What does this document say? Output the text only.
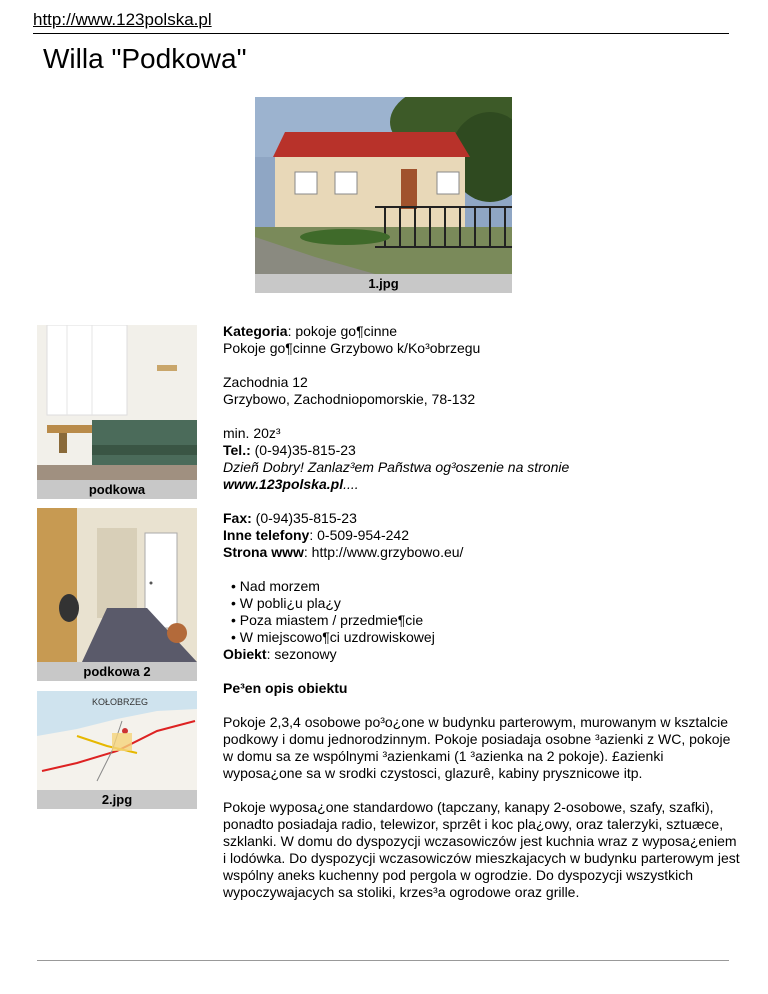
http://www.123polska.pl
Willa "Podkowa"
1.jpg
podkowa
podkowa 2
KOŁOBRZEG
2.jpg

Kategoria: pokoje go¶cinne

Pokoje go¶cinne Grzybowo k/Ko³obrzegu

Zachodnia 12

Grzybowo, Zachodniopomorskie, 78-132

min. 20z³

Tel.: (0-94)35-815-23

Dzieñ Dobry! Zanlaz³em Pañstwa og³oszenie na stronie
www.123polska.pl....

Fax: (0-94)35-815-23

Inne telefony: 0-509-954-242

Strona www: http://www.grzybowo.eu/

• Nad morzem

• W pobli¿u pla¿y

• Poza miastem / przedmie¶cie

• W miejscowo¶ci uzdrowiskowej

Obiekt: sezonowy

Pe³en opis obiektu

Pokoje 2,3,4 osobowe po³o¿one w budynku parterowym, murowanym w ksztalcie podkowy i domu jednorodzinnym. Pokoje posiadaja osobne ³azienki z WC, pokoje w domu sa ze wspólnymi ³azienkami (1 ³azienka na 2 pokoje). £azienki wyposa¿one sa w srodki czystosci, glazurê, kabiny prysznicowe itp.

Pokoje wyposa¿one standardowo (tapczany, kanapy 2-osobowe, szafy, szafki), ponadto posiadaja radio, telewizor, sprzêt i koc pla¿owy, oraz talerzyki, sztuæce, szklanki. W domu do dyspozycji wczasowiczów jest kuchnia wraz z wyposa¿eniem i lodówka. Do dyspozycji wczasowiczów mieszkajacych w budynku parterowym jest wspólny aneks kuchenny pod pergola w ogrodzie. Do dyspozycji wszystkich wypoczywajacych sa stoliki, krzes³a ogrodowe oraz grille.
